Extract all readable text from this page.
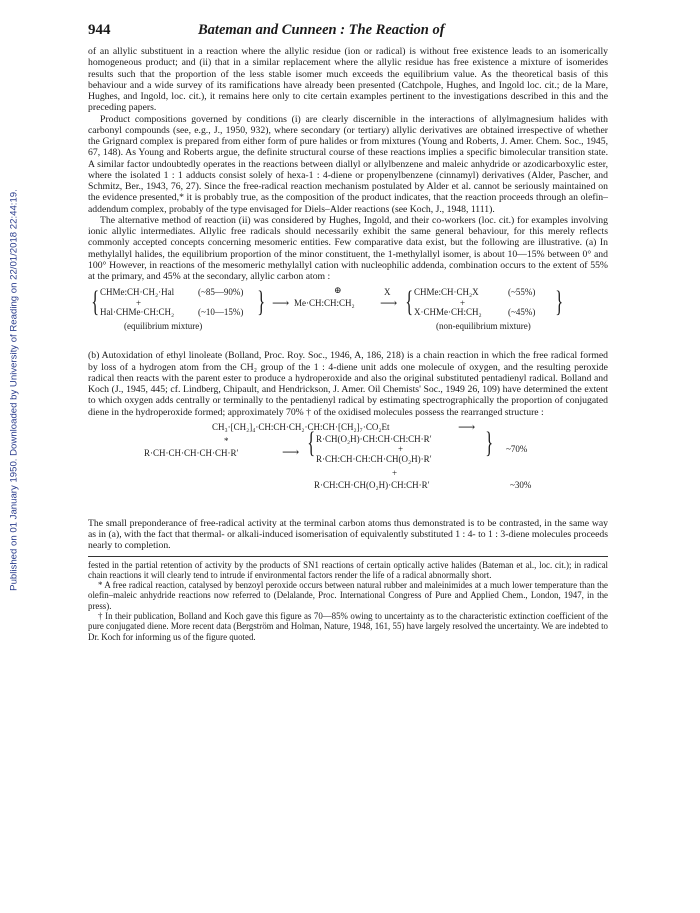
Published on 01 January 1950. Downloaded by University of Reading on 22/01/2018 22:44:19.
944	Bateman and Cunneen : The Reaction of

of an allylic substituent in a reaction where the allylic residue (ion or radical) is without free existence leads to an isomerically homogeneous product; and (ii) that in a similar replacement where the allylic residue has free existence a mixture of isomerides results such that the proportion of the less stable isomer much exceeds the equilibrium value. As the theoretical basis of this behaviour and a wide survey of its ramifications have already been presented (Catchpole, Hughes, and Ingold loc. cit.; de la Mare, Hughes, and Ingold, loc. cit.), it remains here only to cite certain examples pertinent to the investigations described in this and the preceding papers.

Product compositions governed by conditions (i) are clearly discernible in the interactions of allylmagnesium halides with carbonyl compounds (see, e.g., J., 1950, 932), where secondary (or tertiary) allylic derivatives are obtained irrespective of whether the Grignard complex is prepared from either form of pure halides or from mixtures (Young and Roberts, J. Amer. Chem. Soc., 1945, 67, 148). As Young and Roberts argue, the definite structural course of these reactions implies a specific bimolecular transition state. A similar factor undoubtedly operates in the reactions between diallyl or allylbenzene and maleic anhydride or azodicarboxylic ester, where the isolated 1 : 1 adducts consist solely of hexa-1 : 4-diene or propenylbenzene (cinnamyl) derivatives (Alder, Pascher, and Schmitz, Ber., 1943, 76, 27). Since the free-radical reaction mechanism postulated by Alder et al. cannot be seriously maintained on the evidence presented,* it is probably true, as the composition of the product indicates, that the reaction proceeds through an olefin–addendum complex, probably of the type envisaged for Diels–Alder reactions (see Koch, J., 1948, 1111).

The alternative method of reaction (ii) was considered by Hughes, Ingold, and their co-workers (loc. cit.) for examples involving ionic allylic intermediates. Allylic free radicals should necessarily exhibit the same general behaviour, for this merely reflects commonly accepted concepts concerning mesomeric entities. Few comparative data exist, but the following are illustrative. (a) In methylallyl halides, the equilibrium proportion of the minor constituent, the 1-methylallyl isomer, is about 10—15% between 0° and 100° However, in reactions of the mesomeric methylallyl cation with nucleophilic addenda, combination occurs to the extent of 55% at the primary, and 45% at the secondary, allylic carbon atom :

{ CHMe:CH·CH₂·Hal	(~85—90%)
+
Hal·CHMe·CH:CH₂	(~10—15%) }
(equilibrium mixture)
⟶
⊕
Me·CH:CH:CH₂
X
⟶ { CHMe:CH·CH₂X	(~55%)
+
X·CHMe·CH:CH₂	(~45%) }
(non-equilibrium mixture)

(b) Autoxidation of ethyl linoleate (Bolland, Proc. Roy. Soc., 1946, A, 186, 218) is a chain reaction in which the free radical formed by loss of a hydrogen atom from the CH₂ group of the 1 : 4-diene unit adds one molecule of oxygen, and the resulting peroxide radical then reacts with the parent ester to produce a hydroperoxide and also the original substituted pentadienyl radical. Bolland and Koch (J., 1945, 445; cf. Lindberg, Chipault, and Hendrickson, J. Amer. Oil Chemists' Soc., 1949 26, 109) have determined the extent to which oxygen adds centrally or terminally to the pentadienyl radical by estimating spectrographically the proportion of conjugated diene in the hydroperoxide formed; approximately 70% † of the oxidised molecules possess the rearranged structure :

CH₃·[CH₂]₄·CH:CH·CH₂·CH:CH·[CH₂]₇·CO₂Et	⟶
*
R·CH·CH·CH·CH·CH·R′	⟶ { R·CH(O₂H)·CH:CH·CH:CH·R′
+
R·CH:CH·CH:CH·CH(O₂H)·R′ } ~70%
+
R·CH:CH·CH(O₂H)·CH:CH·R′	~30%

The small preponderance of free-radical activity at the terminal carbon atoms thus demonstrated is to be contrasted, in the same way as in (a), with the fact that thermal- or alkali-induced isomerisation of equivalently substituted 1 : 4- to 1 : 3-diene molecules proceeds nearly to completion.

fested in the partial retention of activity by the products of SN1 reactions of certain optically active halides (Bateman et al., loc. cit.); in radical chain reactions it will clearly tend to intrude if environmental factors render the life of a radical abnormally short.

* A free radical reaction, catalysed by benzoyl peroxide occurs between natural rubber and maleinimides at a much lower temperature than the olefin–maleic anhydride reactions now referred to (Delalande, Proc. International Congress of Pure and Applied Chem., London, 1947, in the press).

† In their publication, Bolland and Koch gave this figure as 70—85% owing to uncertainty as to the characteristic extinction coefficient of the pure conjugated diene. More recent data (Bergström and Holman, Nature, 1948, 161, 55) have largely resolved the uncertainty. We are indebted to Dr. Koch for informing us of the figure quoted.
